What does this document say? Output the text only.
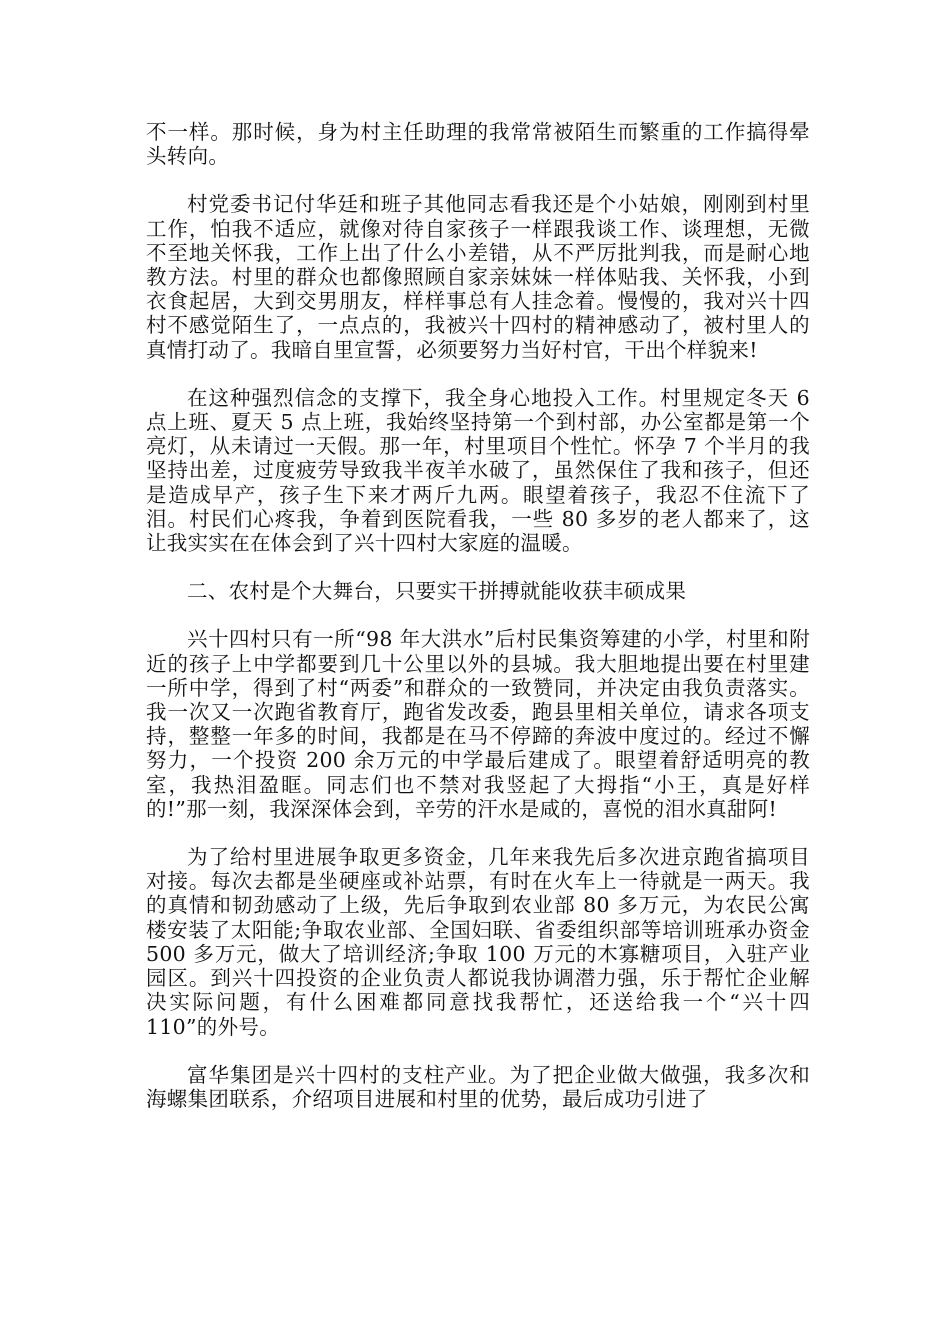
不一样。那时候，身为村主任助理的我常常被陌生而繁重的工作搞得晕头转向。

村党委书记付华廷和班子其他同志看我还是个小姑娘，刚刚到村里工作，怕我不适应，就像对待自家孩子一样跟我谈工作、谈理想，无微不至地关怀我，工作上出了什么小差错，从不严厉批判我，而是耐心地教方法。村里的群众也都像照顾自家亲妹妹一样体贴我、关怀我，小到衣食起居，大到交男朋友，样样事总有人挂念着。慢慢的，我对兴十四村不感觉陌生了，一点点的，我被兴十四村的精神感动了，被村里人的真情打动了。我暗自里宣誓，必须要努力当好村官，干出个样貌来!

在这种强烈信念的支撑下，我全身心地投入工作。村里规定冬天 6 点上班、夏天 5 点上班，我始终坚持第一个到村部，办公室都是第一个亮灯，从未请过一天假。那一年，村里项目个性忙。怀孕 7 个半月的我坚持出差，过度疲劳导致我半夜羊水破了，虽然保住了我和孩子，但还是造成早产，孩子生下来才两斤九两。眼望着孩子，我忍不住流下了泪。村民们心疼我，争着到医院看我，一些 80 多岁的老人都来了，这让我实实在在体会到了兴十四村大家庭的温暖。

二、农村是个大舞台，只要实干拼搏就能收获丰硕成果

兴十四村只有一所“98 年大洪水”后村民集资筹建的小学，村里和附近的孩子上中学都要到几十公里以外的县城。我大胆地提出要在村里建一所中学，得到了村“两委”和群众的一致赞同，并决定由我负责落实。我一次又一次跑省教育厅，跑省发改委，跑县里相关单位，请求各项支持，整整一年多的时间，我都是在马不停蹄的奔波中度过的。经过不懈努力，一个投资 200 余万元的中学最后建成了。眼望着舒适明亮的教室，我热泪盈眶。同志们也不禁对我竖起了大拇指“小王，真是好样的!”那一刻，我深深体会到，辛劳的汗水是咸的，喜悦的泪水真甜阿!

为了给村里进展争取更多资金，几年来我先后多次进京跑省搞项目对接。每次去都是坐硬座或补站票，有时在火车上一待就是一两天。我的真情和韧劲感动了上级，先后争取到农业部 80 多万元，为农民公寓楼安装了太阳能;争取农业部、全国妇联、省委组织部等培训班承办资金 500 多万元，做大了培训经济;争取 100 万元的木寡糖项目，入驻产业园区。到兴十四投资的企业负责人都说我协调潜力强，乐于帮忙企业解决实际问题，有什么困难都同意找我帮忙，还送给我一个“兴十四 110”的外号。

富华集团是兴十四村的支柱产业。为了把企业做大做强，我多次和海螺集团联系，介绍项目进展和村里的优势，最后成功引进了
